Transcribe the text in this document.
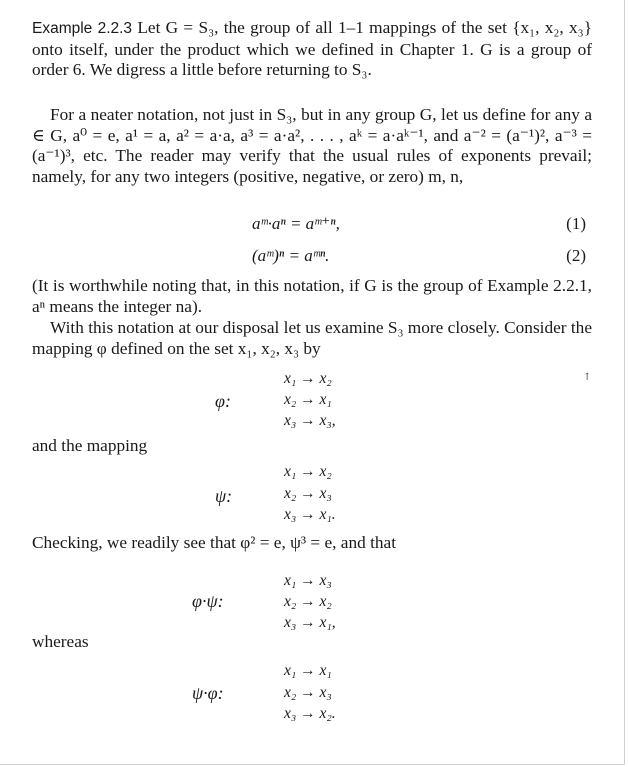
Example 2.2.3 Let G = S₃, the group of all 1–1 mappings of the set {x₁, x₂, x₃} onto itself, under the product which we defined in Chapter 1. G is a group of order 6. We digress a little before returning to S₃.
For a neater notation, not just in S₃, but in any group G, let us define for any a ∈ G, a⁰ = e, a¹ = a, a² = a·a, a³ = a·a², . . . , aᵏ = a·aᵏ⁻¹, and a⁻² = (a⁻¹)², a⁻³ = (a⁻¹)³, etc. The reader may verify that the usual rules of exponents prevail; namely, for any two integers (positive, negative, or zero) m, n,
aᵐ·aⁿ = aᵐ⁺ⁿ,	(1)
(aᵐ)ⁿ = aᵐⁿ.	(2)
(It is worthwhile noting that, in this notation, if G is the group of Example 2.2.1, aⁿ means the integer na).
With this notation at our disposal let us examine S₃ more closely. Consider the mapping φ defined on the set x₁, x₂, x₃ by
↑
φ:
x₁ → x₂
x₂ → x₁
x₃ → x₃,
and the mapping
ψ:
x₁ → x₂
x₂ → x₃
x₃ → x₁.
Checking, we readily see that φ² = e, ψ³ = e, and that
φ·ψ:
x₁ → x₃
x₂ → x₂
x₃ → x₁,
whereas
ψ·φ:
x₁ → x₁
x₂ → x₃
x₃ → x₂.
